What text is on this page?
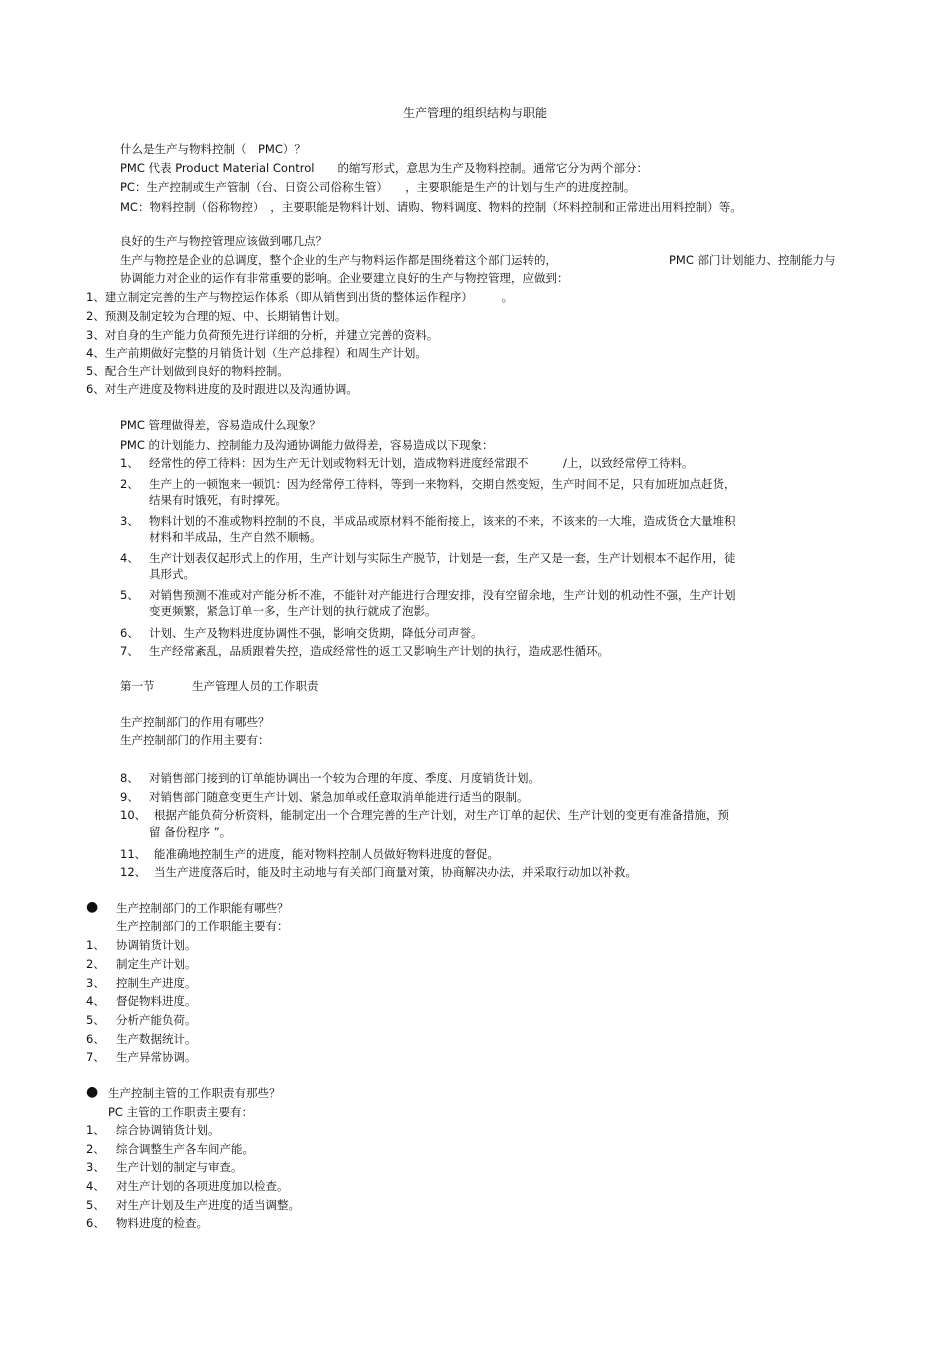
生产管理的组织结构与职能
什么是生产与物料控制（　PMC）？
PMC 代表 Product Material Control　　的缩写形式，意思为生产及物料控制。通常它分为两个部分：
PC：生产控制或生产管制（台、日资公司俗称生管）　　，主要职能是生产的计划与生产的进度控制。
MC：物料控制（俗称物控）　，主要职能是物料计划、请购、物料调度、物料的控制（坏料控制和正常进出用料控制）等。
良好的生产与物控管理应该做到哪几点？
生产与物控是企业的总调度，整个企业的生产与物料运作都是围绕着这个部门运转的，	PMC 部门计划能力、控制能力与
协调能力对企业的运作有非常重要的影响。企业要建立良好的生产与物控管理，应做到：
1、建立制定完善的生产与物控运作体系（即从销售到出货的整体运作程序）　　　。
2、预测及制定较为合理的短、中、长期销售计划。
3、对自身的生产能力负荷预先进行详细的分析，并建立完善的资料。
4、生产前期做好完整的月销货计划（生产总排程）和周生产计划。
5、配合生产计划做到良好的物料控制。
6、对生产进度及物料进度的及时跟进以及沟通协调。
PMC 管理做得差，容易造成什么现象？
PMC 的计划能力、控制能力及沟通协调能力做得差，容易造成以下现象：
1、 经常性的停工待料：因为生产无计划或物料无计划，造成物料进度经常跟不　　　/上，以致经常停工待料。
2、 生产上的一顿饱来一顿饥：因为经常停工待料，等到一来物料，交期自然变短，生产时间不足，只有加班加点赶货，
结果有时饿死，有时撑死。
3、 物料计划的不准或物料控制的不良，半成品或原材料不能衔接上，该来的不来，不该来的一大堆，造成货仓大量堆积
材料和半成品，生产自然不顺畅。
4、 生产计划表仅起形式上的作用，生产计划与实际生产脱节，计划是一套，生产又是一套，生产计划根本不起作用，徒
具形式。
5、 对销售预测不准或对产能分析不准，不能针对产能进行合理安排，没有空留余地，生产计划的机动性不强，生产计划
变更频繁，紧急订单一多，生产计划的执行就成了泡影。
6、 计划、生产及物料进度协调性不强，影响交货期，降低分司声誉。
7、 生产经常紊乱，品质跟着失控，造成经常性的返工又影响生产计划的执行，造成恶性循环。
第一节	生产管理人员的工作职责
生产控制部门的作用有哪些？
生产控制部门的作用主要有：
8、 对销售部门接到的订单能协调出一个较为合理的年度、季度、月度销货计划。
9、 对销售部门随意变更生产计划、紧急加单或任意取消单能进行适当的限制。
10、 根据产能负荷分析资料，能制定出一个合理完善的生产计划，对生产订单的起伏、生产计划的变更有准备措施，预
留 备份程序 ”。
11、 能准确地控制生产的进度，能对物料控制人员做好物料进度的督促。
12、 当生产进度落后时，能及时主动地与有关部门商量对策，协商解决办法，并采取行动加以补救。
● 生产控制部门的工作职能有哪些？
生产控制部门的工作职能主要有：
1、 协调销货计划。
2、 制定生产计划。
3、 控制生产进度。
4、 督促物料进度。
5、 分析产能负荷。
6、 生产数据统计。
7、 生产异常协调。
● 生产控制主管的工作职责有那些？
PC 主管的工作职责主要有：
1、 综合协调销货计划。
2、 综合调整生产各车间产能。
3、 生产计划的制定与审查。
4、 对生产计划的各项进度加以检查。
5、 对生产计划及生产进度的适当调整。
6、 物料进度的检查。
